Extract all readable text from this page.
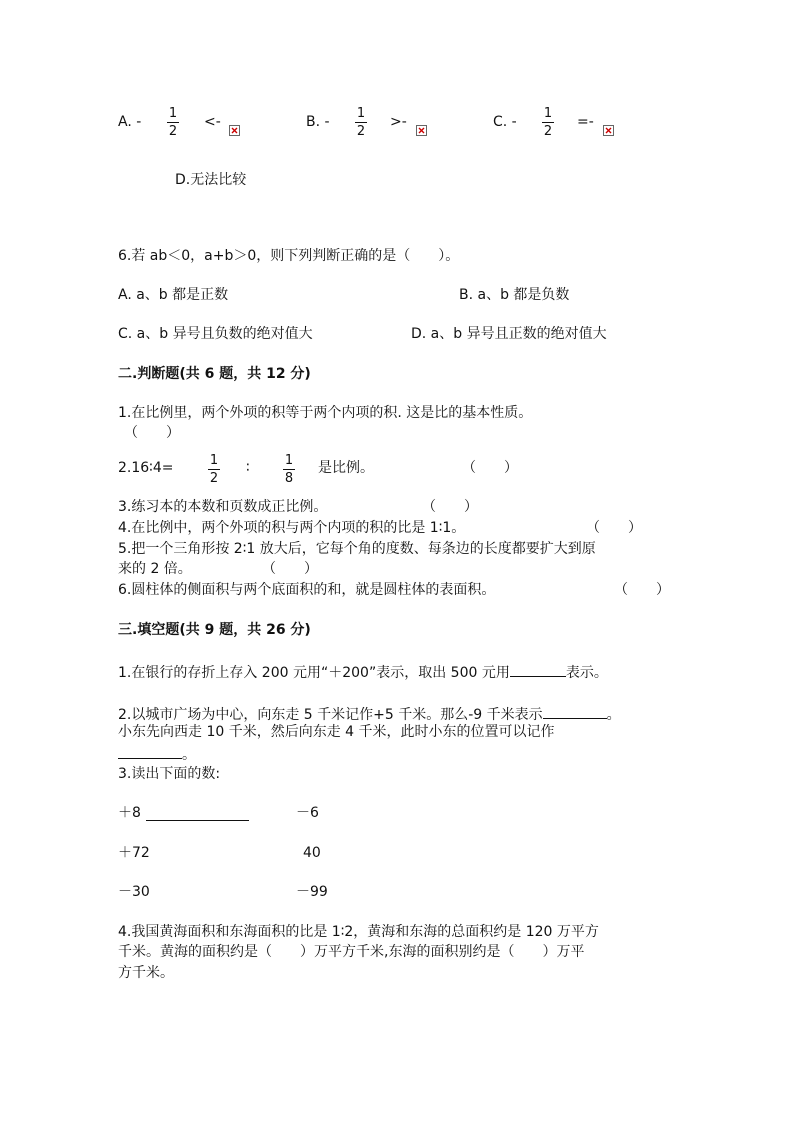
A. -
1
2
<-	B. -
1
2
>-	C. -
1
2
=-
D.无法比较
6.若 ab＜0，a+b＞0，则下列判断正确的是（　　）。
A. a、b 都是正数	B. a、b 都是负数
C. a、b 异号且负数的绝对值大	D. a、b 异号且正数的绝对值大
二.判断题(共 6 题，共 12 分)
1.在比例里，两个外项的积等于两个内项的积. 这是比的基本性质。
（　　）
2.16∶4=	1
2
∶	1
8
是比例。	（　　）
3.练习本的本数和页数成正比例。	（　　）
4.在比例中，两个外项的积与两个内项的积的比是 1∶1。	（　　）
5.把一个三角形按 2∶1 放大后，它每个角的度数、每条边的长度都要扩大到原
来的 2 倍。	（　　）
6.圆柱体的侧面积与两个底面积的和，就是圆柱体的表面积。	（　　）
三.填空题(共 9 题，共 26 分)
1.在银行的存折上存入 200 元用“＋200”表示，取出 500 元用	表示。
2.以城市广场为中心，向东走 5 千米记作+5 千米。那么-9 千米表示	。
小东先向西走 10 千米，然后向东走 4 千米，此时小东的位置可以记作
。
3.读出下面的数:
＋8	－6
＋72	40
－30	－99
4.我国黄海面积和东海面积的比是 1∶2，黄海和东海的总面积约是 120 万平方
千米。黄海的面积约是（　　）万平方千米,东海的面积别约是（　　）万平
方千米。
